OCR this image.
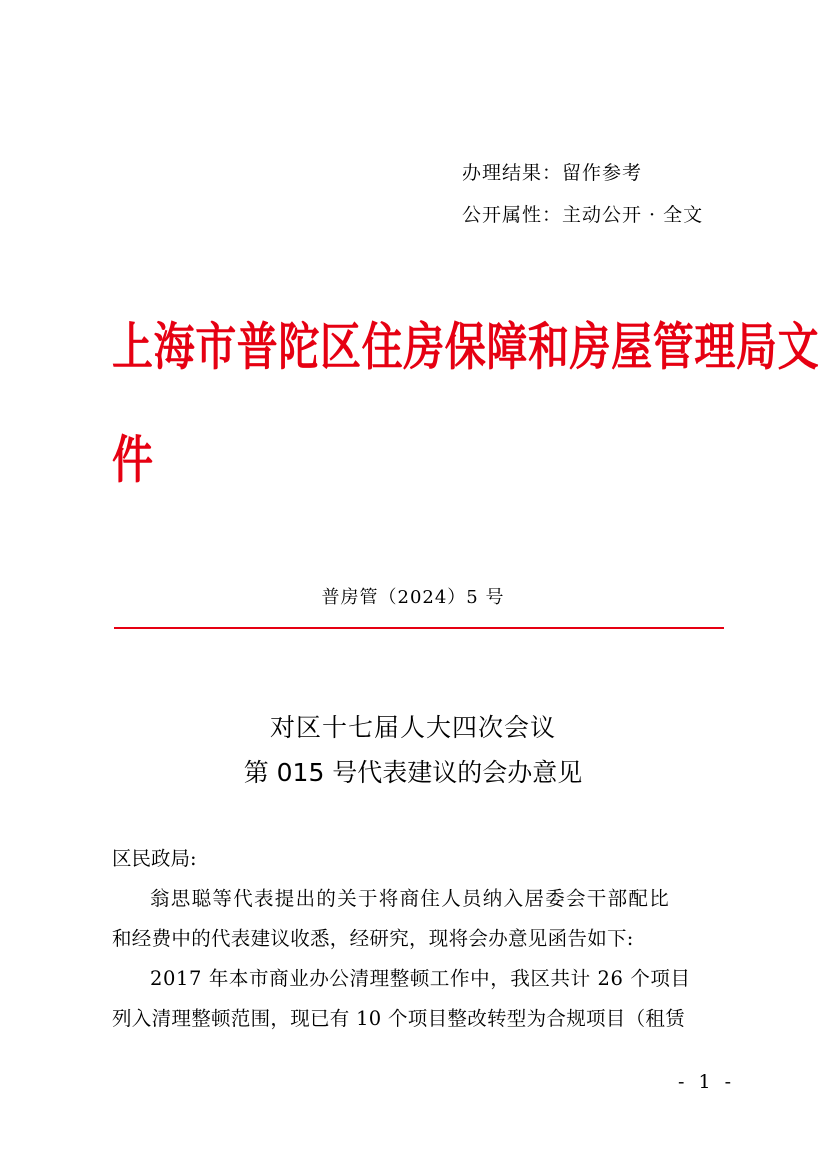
办理结果：留作参考
公开属性：主动公开 · 全文
上海市普陀区住房保障和房屋管理局文
件
普房管（2024）5 号
对区十七届人大四次会议
第 015 号代表建议的会办意见
区民政局:
翁思聪等代表提出的关于将商住人员纳入居委会干部配比
和经费中的代表建议收悉，经研究，现将会办意见函告如下:
2017 年本市商业办公清理整顿工作中，我区共计 26 个项目
列入清理整顿范围，现已有 10 个项目整改转型为合规项目（租赁
- 1 -
